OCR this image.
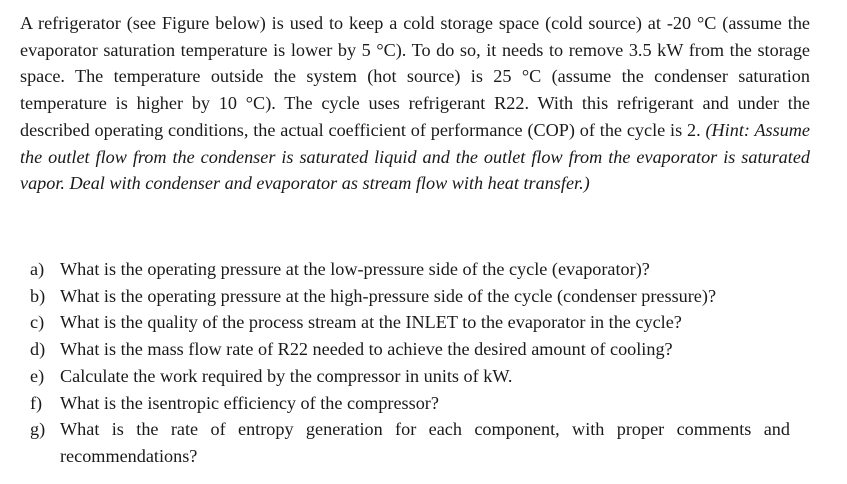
A refrigerator (see Figure below) is used to keep a cold storage space (cold source) at -20 °C (assume the evaporator saturation temperature is lower by 5 °C). To do so, it needs to remove 3.5 kW from the storage space. The temperature outside the system (hot source) is 25 °C (assume the condenser saturation temperature is higher by 10 °C). The cycle uses refrigerant R22. With this refrigerant and under the described operating conditions, the actual coefficient of performance (COP) of the cycle is 2. (Hint: Assume the outlet flow from the condenser is saturated liquid and the outlet flow from the evaporator is saturated vapor. Deal with condenser and evaporator as stream flow with heat transfer.)

a) What is the operating pressure at the low-pressure side of the cycle (evaporator)?
b) What is the operating pressure at the high-pressure side of the cycle (condenser pressure)?
c) What is the quality of the process stream at the INLET to the evaporator in the cycle?
d) What is the mass flow rate of R22 needed to achieve the desired amount of cooling?
e) Calculate the work required by the compressor in units of kW.
f) What is the isentropic efficiency of the compressor?
g) What is the rate of entropy generation for each component, with proper comments and recommendations?
